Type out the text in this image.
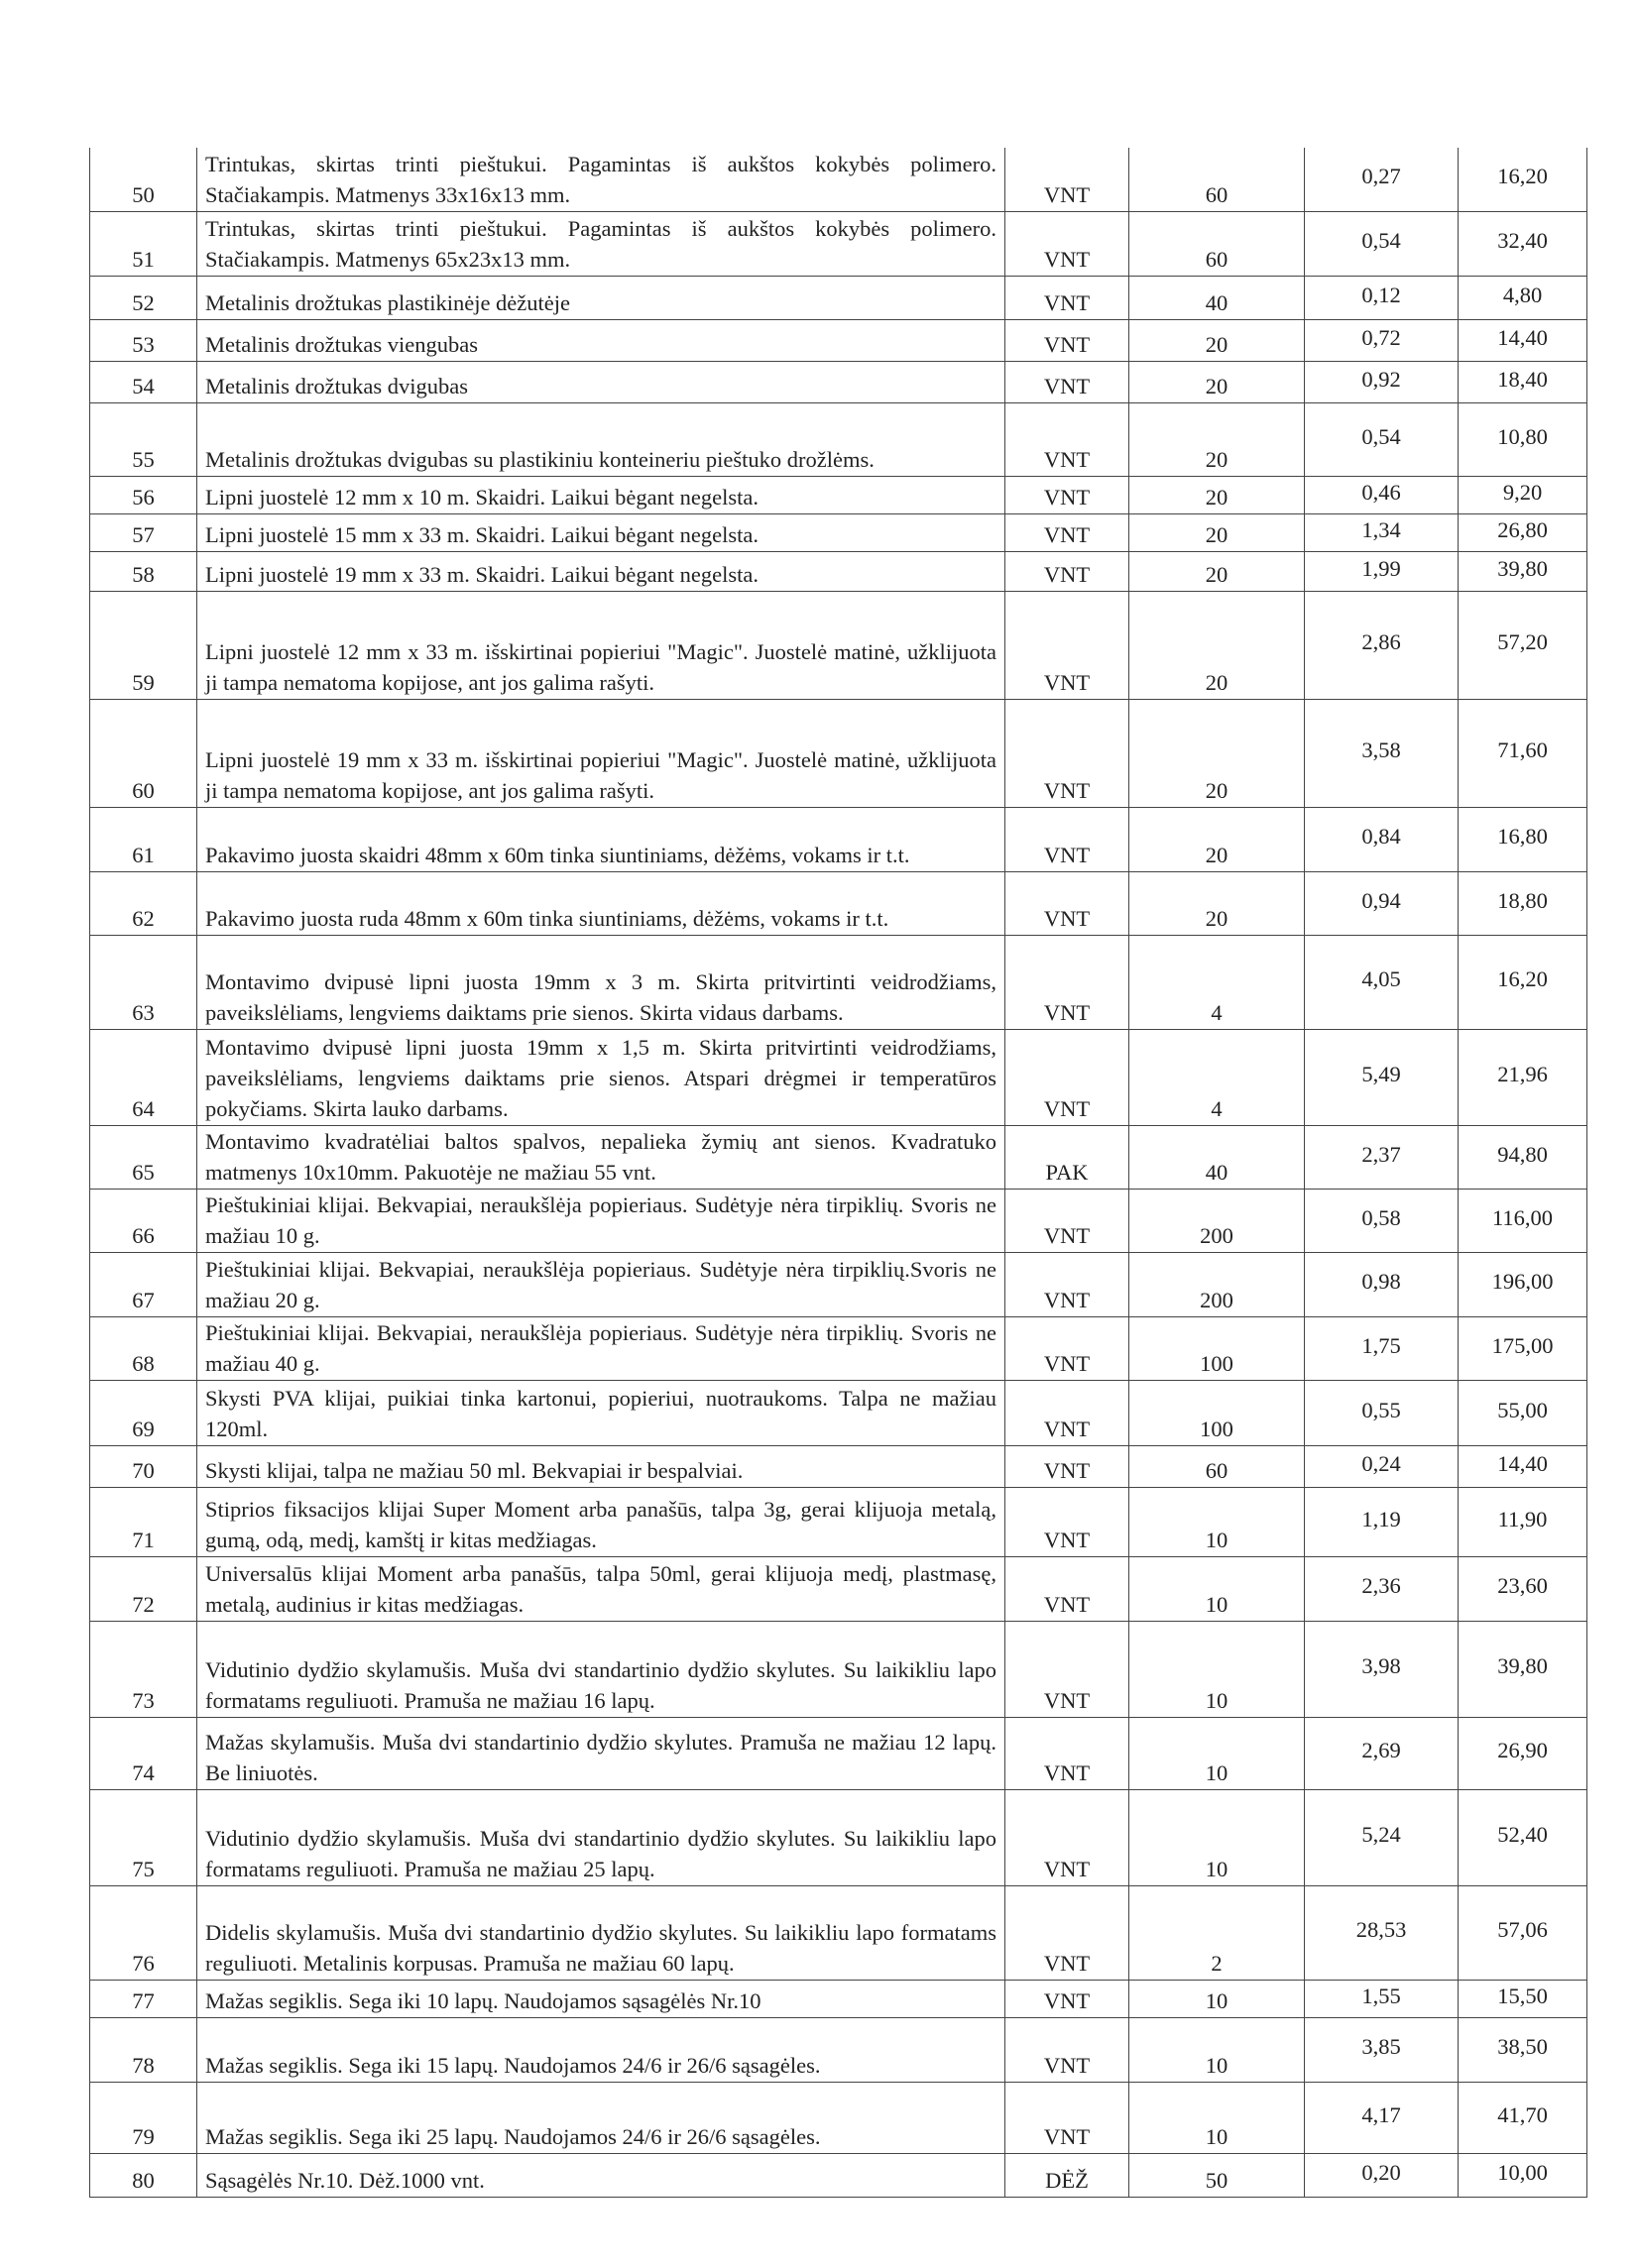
50	Trintukas, skirtas trinti pieštukui. Pagamintas iš aukštos kokybės polimero. Stačiakampis. Matmenys 33x16x13 mm.	VNT	60	0,27	16,20
51	Trintukas, skirtas trinti pieštukui. Pagamintas iš aukštos kokybės polimero. Stačiakampis. Matmenys 65x23x13 mm.	VNT	60	0,54	32,40
52	Metalinis drožtukas plastikinėje dėžutėje	VNT	40	0,12	4,80
53	Metalinis drožtukas viengubas	VNT	20	0,72	14,40
54	Metalinis drožtukas dvigubas	VNT	20	0,92	18,40
55	Metalinis drožtukas dvigubas su plastikiniu konteineriu pieštuko drožlėms.	VNT	20	0,54	10,80
56	Lipni juostelė 12 mm x 10 m. Skaidri. Laikui bėgant negelsta.	VNT	20	0,46	9,20
57	Lipni juostelė 15 mm x 33 m. Skaidri. Laikui bėgant negelsta.	VNT	20	1,34	26,80
58	Lipni juostelė 19 mm x 33 m. Skaidri. Laikui bėgant negelsta.	VNT	20	1,99	39,80
59	Lipni juostelė 12 mm x 33 m. išskirtinai popieriui "Magic". Juostelė matinė, užklijuota ji tampa nematoma kopijose, ant jos galima rašyti.	VNT	20	2,86	57,20
60	Lipni juostelė 19 mm x 33 m. išskirtinai popieriui "Magic". Juostelė matinė, užklijuota ji tampa nematoma kopijose, ant jos galima rašyti.	VNT	20	3,58	71,60
61	Pakavimo juosta skaidri 48mm x 60m tinka siuntiniams, dėžėms, vokams ir t.t.	VNT	20	0,84	16,80
62	Pakavimo juosta ruda 48mm x 60m tinka siuntiniams, dėžėms, vokams ir t.t.	VNT	20	0,94	18,80
63	Montavimo dvipusė lipni juosta 19mm x 3 m. Skirta pritvirtinti veidrodžiams, paveikslėliams, lengviems daiktams prie sienos. Skirta vidaus darbams.	VNT	4	4,05	16,20
64	Montavimo dvipusė lipni juosta 19mm x 1,5 m. Skirta pritvirtinti veidrodžiams, paveikslėliams, lengviems daiktams prie sienos. Atspari drėgmei ir temperatūros pokyčiams. Skirta lauko darbams.	VNT	4	5,49	21,96
65	Montavimo kvadratėliai baltos spalvos, nepalieka žymių ant sienos. Kvadratuko matmenys 10x10mm. Pakuotėje ne mažiau 55 vnt.	PAK	40	2,37	94,80
66	Pieštukiniai klijai. Bekvapiai, neraukšlėja popieriaus. Sudėtyje nėra tirpiklių. Svoris ne mažiau 10 g.	VNT	200	0,58	116,00
67	Pieštukiniai klijai. Bekvapiai, neraukšlėja popieriaus. Sudėtyje nėra tirpiklių.Svoris ne mažiau 20 g.	VNT	200	0,98	196,00
68	Pieštukiniai klijai. Bekvapiai, neraukšlėja popieriaus. Sudėtyje nėra tirpiklių. Svoris ne mažiau 40 g.	VNT	100	1,75	175,00
69	Skysti PVA klijai, puikiai tinka kartonui, popieriui, nuotraukoms. Talpa ne mažiau 120ml.	VNT	100	0,55	55,00
70	Skysti klijai, talpa ne mažiau 50 ml. Bekvapiai ir bespalviai.	VNT	60	0,24	14,40
71	Stiprios fiksacijos klijai Super Moment arba panašūs, talpa 3g, gerai klijuoja metalą, gumą, odą, medį, kamštį ir kitas medžiagas.	VNT	10	1,19	11,90
72	Universalūs klijai Moment arba panašūs, talpa 50ml, gerai klijuoja medį, plastmasę, metalą, audinius ir kitas medžiagas.	VNT	10	2,36	23,60
73	Vidutinio dydžio skylamušis. Muša dvi standartinio dydžio skylutes. Su laikikliu lapo formatams reguliuoti. Pramuša ne mažiau 16 lapų.	VNT	10	3,98	39,80
74	Mažas skylamušis. Muša dvi standartinio dydžio skylutes. Pramuša ne mažiau 12 lapų. Be liniuotės.	VNT	10	2,69	26,90
75	Vidutinio dydžio skylamušis. Muša dvi standartinio dydžio skylutes. Su laikikliu lapo formatams reguliuoti. Pramuša ne mažiau 25 lapų.	VNT	10	5,24	52,40
76	Didelis skylamušis. Muša dvi standartinio dydžio skylutes. Su laikikliu lapo formatams reguliuoti. Metalinis korpusas. Pramuša ne mažiau 60 lapų.	VNT	2	28,53	57,06
77	Mažas segiklis. Sega iki 10 lapų. Naudojamos sąsagėlės Nr.10	VNT	10	1,55	15,50
78	Mažas segiklis. Sega iki 15 lapų. Naudojamos 24/6 ir 26/6 sąsagėles.	VNT	10	3,85	38,50
79	Mažas segiklis. Sega iki 25 lapų. Naudojamos 24/6 ir 26/6 sąsagėles.	VNT	10	4,17	41,70
80	Sąsagėlės Nr.10. Dėž.1000 vnt.	DĖŽ	50	0,20	10,00
